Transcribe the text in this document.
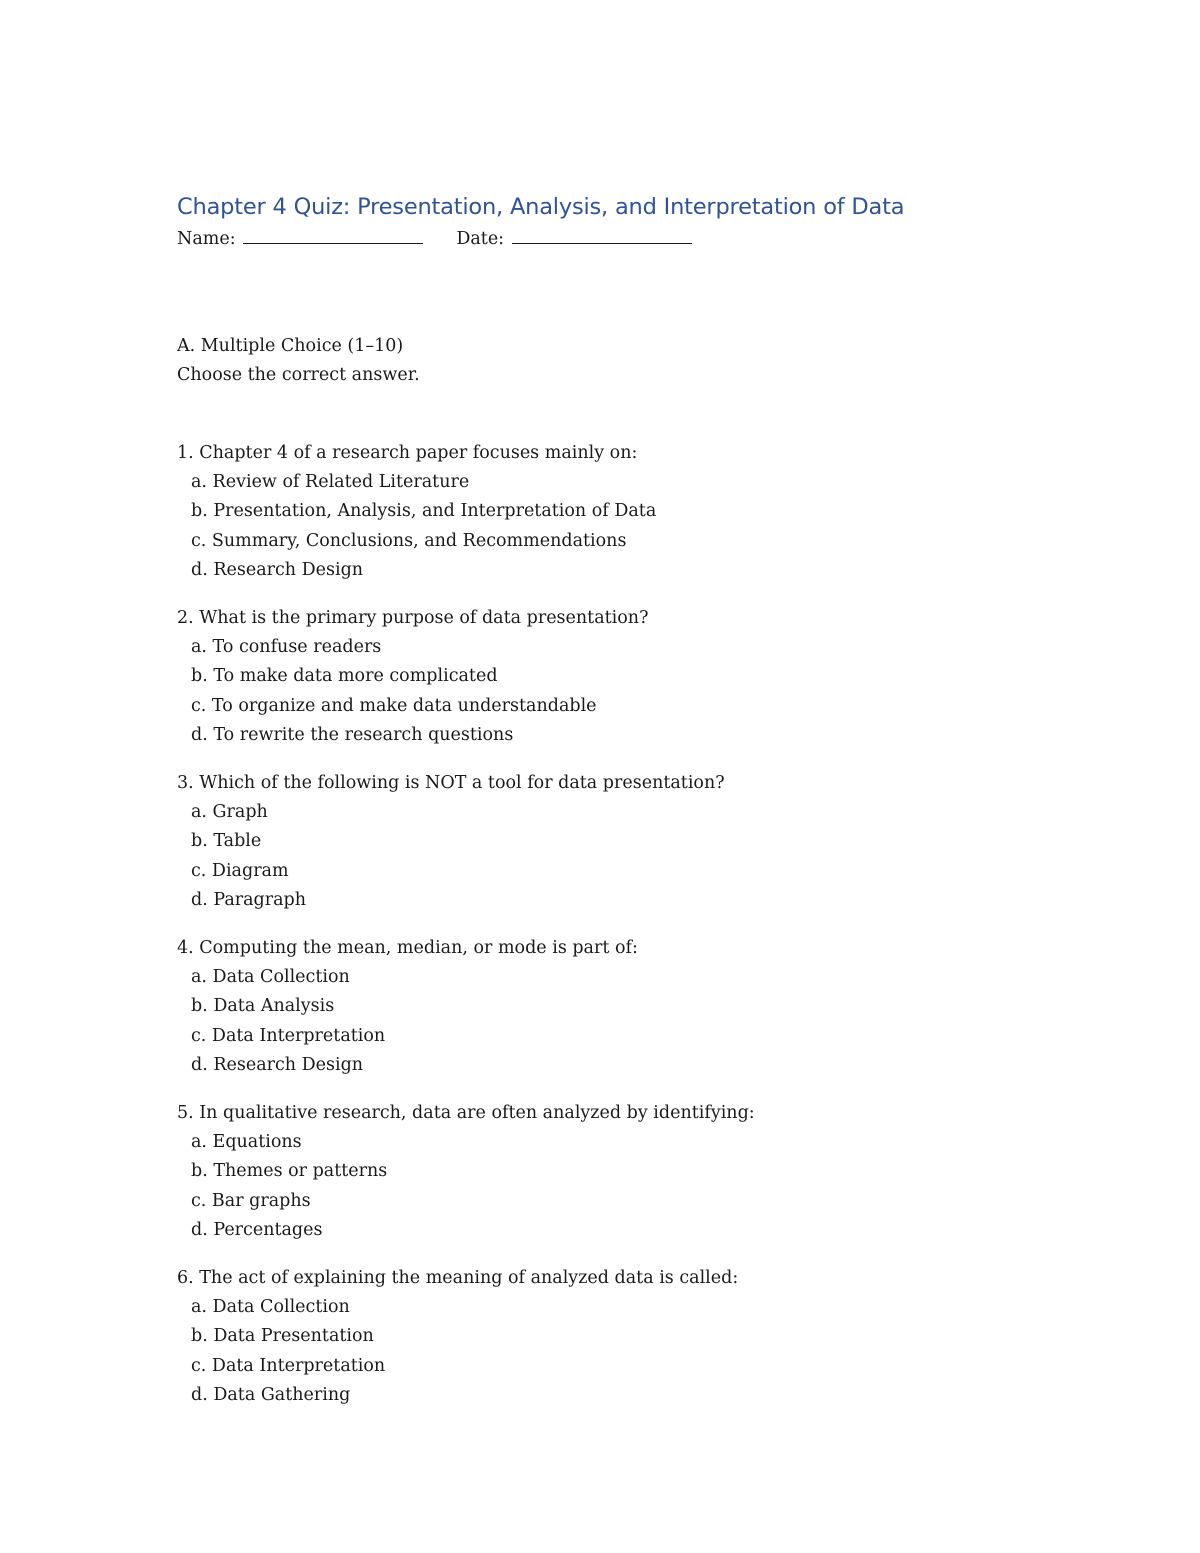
Chapter 4 Quiz: Presentation, Analysis, and Interpretation of Data

Name:	Date:

A. Multiple Choice (1–10)

Choose the correct answer.

1. Chapter 4 of a research paper focuses mainly on:

a. Review of Related Literature
b. Presentation, Analysis, and Interpretation of Data
c. Summary, Conclusions, and Recommendations
d. Research Design

2. What is the primary purpose of data presentation?

a. To confuse readers
b. To make data more complicated
c. To organize and make data understandable
d. To rewrite the research questions

3. Which of the following is NOT a tool for data presentation?

a. Graph
b. Table
c. Diagram
d. Paragraph

4. Computing the mean, median, or mode is part of:

a. Data Collection
b. Data Analysis
c. Data Interpretation
d. Research Design

5. In qualitative research, data are often analyzed by identifying:

a. Equations
b. Themes or patterns
c. Bar graphs
d. Percentages

6. The act of explaining the meaning of analyzed data is called:

a. Data Collection
b. Data Presentation
c. Data Interpretation
d. Data Gathering
